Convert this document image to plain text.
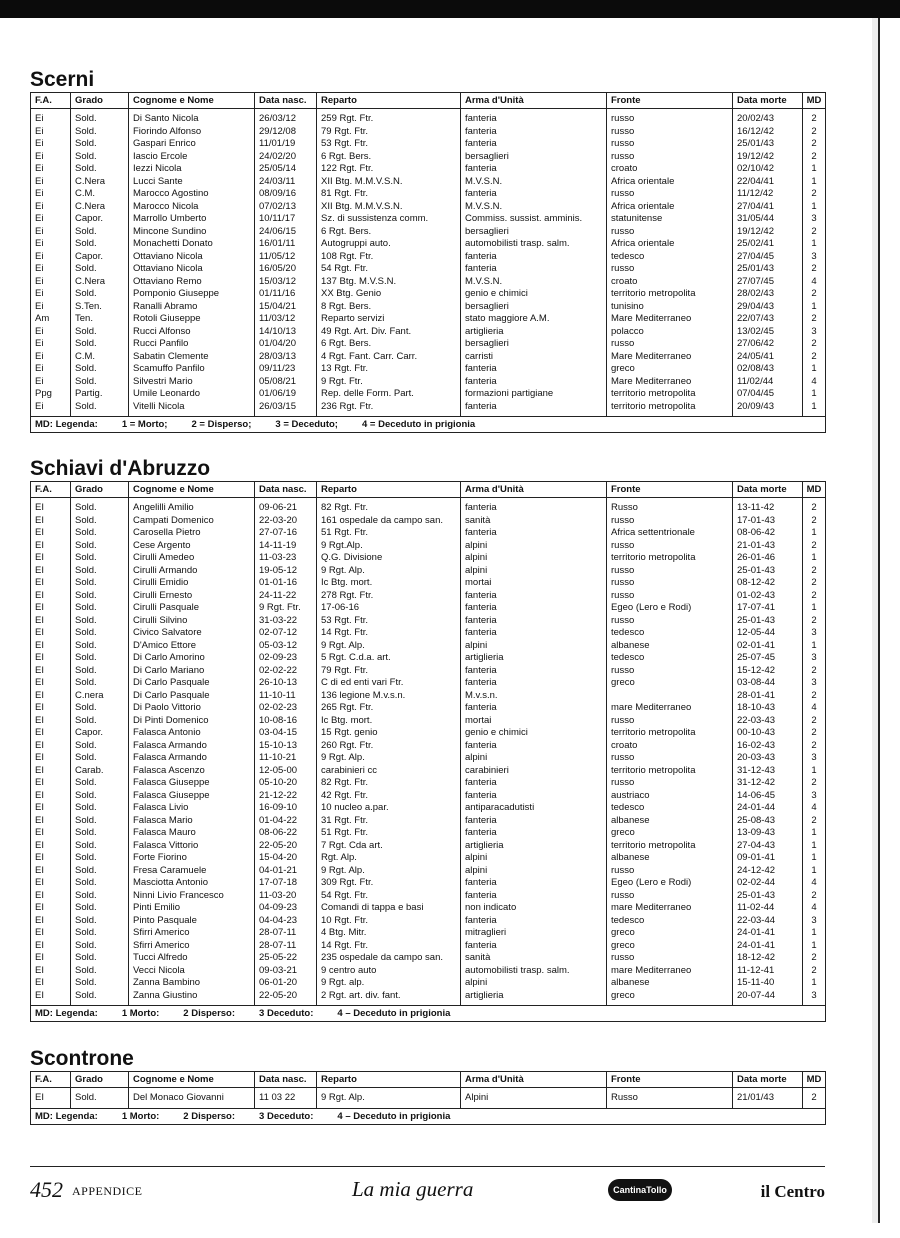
Scerni
F.A.	Grado	Cognome e Nome	Data nasc.	Reparto	Arma d'Unità	Fronte	Data morte	MD
Ei	Sold.	Di Santo Nicola	26/03/12	259 Rgt. Ftr.	fanteria	russo	20/02/43	2
Ei	Sold.	Fiorindo Alfonso	29/12/08	79 Rgt. Ftr.	fanteria	russo	16/12/42	2
Ei	Sold.	Gaspari Enrico	11/01/19	53 Rgt. Ftr.	fanteria	russo	25/01/43	2
Ei	Sold.	Iascio Ercole	24/02/20	6 Rgt. Bers.	bersaglieri	russo	19/12/42	2
Ei	Sold.	Iezzi Nicola	25/05/14	122 Rgt. Ftr.	fanteria	croato	02/10/42	1
Ei	C.Nera	Lucci Sante	24/03/11	XII Btg. M.M.V.S.N.	M.V.S.N.	Africa orientale	22/04/41	1
Ei	C.M.	Marocco Agostino	08/09/16	81 Rgt. Ftr.	fanteria	russo	11/12/42	2
Ei	C.Nera	Marocco Nicola	07/02/13	XII Btg. M.M.V.S.N.	M.V.S.N.	Africa orientale	27/04/41	1
Ei	Capor.	Marrollo Umberto	10/11/17	Sz. di sussistenza comm.	Commiss. sussist. amminis.	statunitense	31/05/44	3
Ei	Sold.	Mincone Sundino	24/06/15	6 Rgt. Bers.	bersaglieri	russo	19/12/42	2
Ei	Sold.	Monachetti Donato	16/01/11	Autogruppi auto.	automobilisti trasp. salm.	Africa orientale	25/02/41	1
Ei	Capor.	Ottaviano Nicola	11/05/12	108 Rgt. Ftr.	fanteria	tedesco	27/04/45	3
Ei	Sold.	Ottaviano Nicola	16/05/20	54 Rgt. Ftr.	fanteria	russo	25/01/43	2
Ei	C.Nera	Ottaviano Remo	15/03/12	137 Btg. M.V.S.N.	M.V.S.N.	croato	27/07/45	4
Ei	Sold.	Pomponio Giuseppe	01/11/16	XX Btg. Genio	genio e chimici	territorio metropolita	28/02/43	2
Ei	S.Ten.	Ranalli Abramo	15/04/21	8 Rgt. Bers.	bersaglieri	tunisino	29/04/43	1
Am	Ten.	Rotoli Giuseppe	11/03/12	Reparto servizi	stato maggiore A.M.	Mare Mediterraneo	22/07/43	2
Ei	Sold.	Rucci Alfonso	14/10/13	49 Rgt. Art. Div. Fant.	artiglieria	polacco	13/02/45	3
Ei	Sold.	Rucci Panfilo	01/04/20	6 Rgt. Bers.	bersaglieri	russo	27/06/42	2
Ei	C.M.	Sabatin Clemente	28/03/13	4 Rgt. Fant. Carr. Carr.	carristi	Mare Mediterraneo	24/05/41	2
Ei	Sold.	Scamuffo Panfilo	09/11/23	13 Rgt. Ftr.	fanteria	greco	02/08/43	1
Ei	Sold.	Silvestri Mario	05/08/21	9 Rgt. Ftr.	fanteria	Mare Mediterraneo	11/02/44	4
Ppg	Partig.	Umile Leonardo	01/06/19	Rep. delle Form. Part.	formazioni partigiane	territorio metropolita	07/04/45	1
Ei	Sold.	Vitelli Nicola	26/03/15	236 Rgt. Ftr.	fanteria	territorio metropolita	20/09/43	1
MD: Legenda: 1 = Morto; 2 = Disperso; 3 = Deceduto; 4 = Deceduto in prigionia								
Schiavi d'Abruzzo
F.A.	Grado	Cognome e Nome	Data nasc.	Reparto	Arma d'Unità	Fronte	Data morte	MD
EI	Sold.	Angelilli Amilio	09-06-21	82 Rgt. Ftr.	fanteria	Russo	13-11-42	2
EI	Sold.	Campati Domenico	22-03-20	161 ospedale da campo san.	sanità	russo	17-01-43	2
EI	Sold.	Carosella Pietro	27-07-16	51 Rgt. Ftr.	fanteria	Africa settentrionale	08-06-42	1
EI	Sold.	Cese Argento	14-11-19	9 Rgt.Alp.	alpini	russo	21-01-43	2
EI	Sold.	Cirulli Amedeo	11-03-23	Q.G. Divisione	alpini	territorio metropolita	26-01-46	1
EI	Sold.	Cirulli Armando	19-05-12	9 Rgt. Alp.	alpini	russo	25-01-43	2
EI	Sold.	Cirulli Emidio	01-01-16	Ic Btg. mort.	mortai	russo	08-12-42	2
EI	Sold.	Cirulli Ernesto	24-11-22	278 Rgt. Ftr.	fanteria	russo	01-02-43	2
EI	Sold.	Cirulli Pasquale	9 Rgt. Ftr.	17-06-16	fanteria	Egeo (Lero e Rodi)	17-07-41	1
EI	Sold.	Cirulli Silvino	31-03-22	53 Rgt. Ftr.	fanteria	russo	25-01-43	2
EI	Sold.	Civico Salvatore	02-07-12	14 Rgt. Ftr.	fanteria	tedesco	12-05-44	3
EI	Sold.	D'Amico Ettore	05-03-12	9 Rgt. Alp.	alpini	albanese	02-01-41	1
EI	Sold.	Di Carlo Amorino	02-09-23	5 Rgt. C.d.a. art.	artiglieria	tedesco	25-07-45	3
EI	Sold.	Di Carlo Mariano	02-02-22	79 Rgt. Ftr.	fanteria	russo	15-12-42	2
EI	Sold.	Di Carlo Pasquale	26-10-13	C di ed enti vari Ftr.	fanteria	greco	03-08-44	3
EI	C.nera	Di Carlo Pasquale	11-10-11	136 legione M.v.s.n.	M.v.s.n.		28-01-41	2
EI	Sold.	Di Paolo Vittorio	02-02-23	265 Rgt. Ftr.	fanteria	mare Mediterraneo	18-10-43	4
EI	Sold.	Di Pinti Domenico	10-08-16	Ic Btg. mort.	mortai	russo	22-03-43	2
EI	Capor.	Falasca Antonio	03-04-15	15 Rgt. genio	genio e chimici	territorio metropolita	00-10-43	2
EI	Sold.	Falasca Armando	15-10-13	260 Rgt. Ftr.	fanteria	croato	16-02-43	2
EI	Sold.	Falasca Armando	11-10-21	9 Rgt. Alp.	alpini	russo	20-03-43	3
EI	Carab.	Falasca Ascenzo	12-05-00	carabinieri cc	carabinieri	territorio metropolita	31-12-43	1
EI	Sold.	Falasca Giuseppe	05-10-20	82 Rgt. Ftr.	fanteria	russo	31-12-42	2
EI	Sold.	Falasca Giuseppe	21-12-22	42 Rgt. Ftr.	fanteria	austriaco	14-06-45	3
EI	Sold.	Falasca Livio	16-09-10	10 nucleo a.par.	antiparacadutisti	tedesco	24-01-44	4
EI	Sold.	Falasca Mario	01-04-22	31 Rgt. Ftr.	fanteria	albanese	25-08-43	2
EI	Sold.	Falasca Mauro	08-06-22	51 Rgt. Ftr.	fanteria	greco	13-09-43	1
EI	Sold.	Falasca Vittorio	22-05-20	7 Rgt. Cda art.	artiglieria	territorio metropolita	27-04-43	1
EI	Sold.	Forte Fiorino	15-04-20	Rgt. Alp.	alpini	albanese	09-01-41	1
EI	Sold.	Fresa Caramuele	04-01-21	9 Rgt. Alp.	alpini	russo	24-12-42	1
EI	Sold.	Masciotta Antonio	17-07-18	309 Rgt. Ftr.	fanteria	Egeo (Lero e Rodi)	02-02-44	4
EI	Sold.	Ninni Livio Francesco	11-03-20	54 Rgt. Ftr.	fanteria	russo	25-01-43	2
EI	Sold.	Pinti Emilio	04-09-23	Comandi di tappa e basi	non indicato	mare Mediterraneo	11-02-44	4
EI	Sold.	Pinto Pasquale	04-04-23	10 Rgt. Ftr.	fanteria	tedesco	22-03-44	3
EI	Sold.	Sfirri Americo	28-07-11	4 Btg. Mitr.	mitraglieri	greco	24-01-41	1
EI	Sold.	Sfirri Americo	28-07-11	14 Rgt. Ftr.	fanteria	greco	24-01-41	1
EI	Sold.	Tucci Alfredo	25-05-22	235 ospedale da campo san.	sanità	russo	18-12-42	2
EI	Sold.	Vecci Nicola	09-03-21	9 centro auto	automobilisti trasp. salm.	mare Mediterraneo	11-12-41	2
EI	Sold.	Zanna Bambino	06-01-20	9 Rgt. alp.	alpini	albanese	15-11-40	1
EI	Sold.	Zanna Giustino	22-05-20	2 Rgt. art. div. fant.	artiglieria	greco	20-07-44	3
MD: Legenda: 1 Morto: 2 Disperso: 3 Deceduto: 4 – Deceduto in prigionia								
Scontrone
F.A.	Grado	Cognome e Nome	Data nasc.	Reparto	Arma d'Unità	Fronte	Data morte	MD
EI	Sold.	Del Monaco Giovanni	11 03 22	9 Rgt. Alp.	Alpini	Russo	21/01/43	2
MD: Legenda: 1 Morto: 2 Disperso: 3 Deceduto: 4 – Deceduto in prigionia								
452 APPENDICE	La mia guerra	CantinaTollo	il Centro
